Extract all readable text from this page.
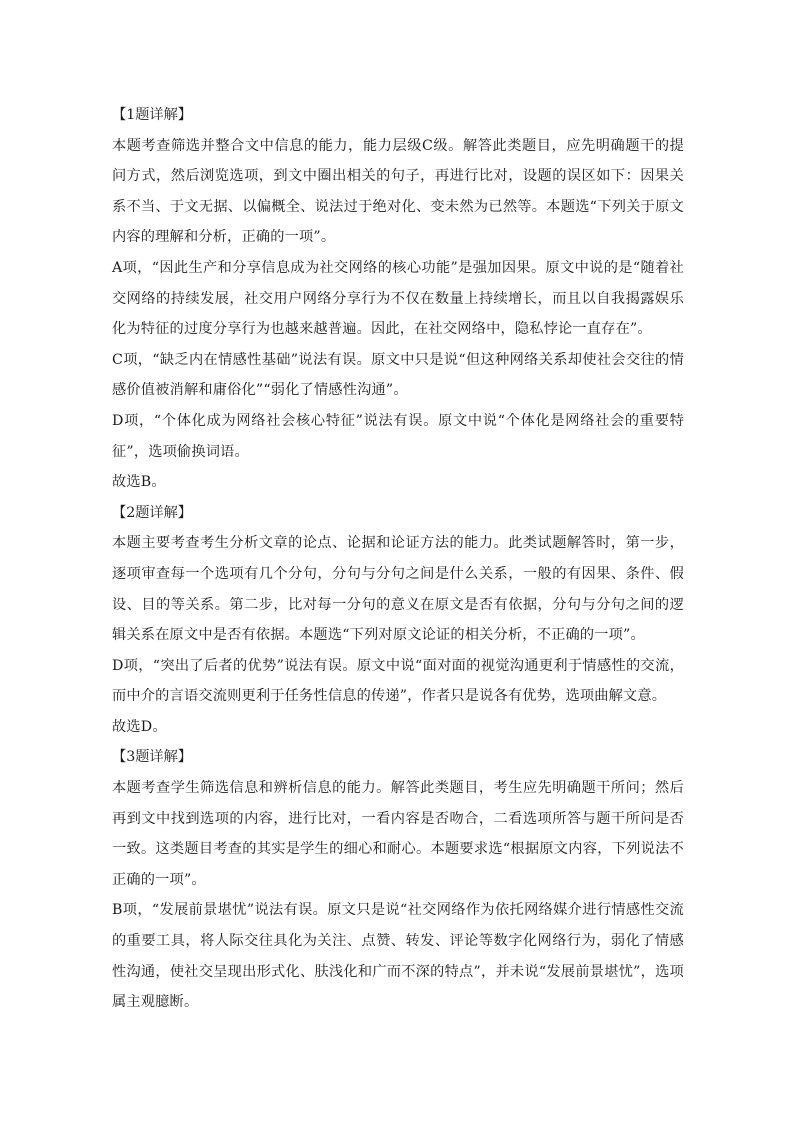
【1题详解】

本题考查筛选并整合文中信息的能力，能力层级C级。解答此类题目，应先明确题干的提问方式，然后浏览选项，到文中圈出相关的句子，再进行比对，设题的误区如下：因果关系不当、于文无据、以偏概全、说法过于绝对化、变未然为已然等。本题选“下列关于原文内容的理解和分析，正确的一项”。

A项，“因此生产和分享信息成为社交网络的核心功能”是强加因果。原文中说的是“随着社交网络的持续发展，社交用户网络分享行为不仅在数量上持续增长，而且以自我揭露娱乐化为特征的过度分享行为也越来越普遍。因此，在社交网络中，隐私悖论一直存在”。

C项，“缺乏内在情感性基础”说法有误。原文中只是说“但这种网络关系却使社会交往的情感价值被消解和庸俗化”“弱化了情感性沟通”。

D项，“个体化成为网络社会核心特征”说法有误。原文中说“个体化是网络社会的重要特征”，选项偷换词语。

故选B。

【2题详解】

本题主要考查考生分析文章的论点、论据和论证方法的能力。此类试题解答时，第一步，逐项审查每一个选项有几个分句，分句与分句之间是什么关系，一般的有因果、条件、假设、目的等关系。第二步，比对每一分句的意义在原文是否有依据，分句与分句之间的逻辑关系在原文中是否有依据。本题选“下列对原文论证的相关分析，不正确的一项”。

D项，“突出了后者的优势”说法有误。原文中说“面对面的视觉沟通更利于情感性的交流，而中介的言语交流则更利于任务性信息的传递”，作者只是说各有优势，选项曲解文意。

故选D。

【3题详解】

本题考查学生筛选信息和辨析信息的能力。解答此类题目，考生应先明确题干所问；然后再到文中找到选项的内容，进行比对，一看内容是否吻合，二看选项所答与题干所问是否一致。这类题目考查的其实是学生的细心和耐心。本题要求选“根据原文内容，下列说法不正确的一项”。

B项，“发展前景堪忧”说法有误。原文只是说“社交网络作为依托网络媒介进行情感性交流的重要工具，将人际交往具化为关注、点赞、转发、评论等数字化网络行为，弱化了情感性沟通，使社交呈现出形式化、肤浅化和广而不深的特点”，并未说“发展前景堪忧”，选项属主观臆断。
